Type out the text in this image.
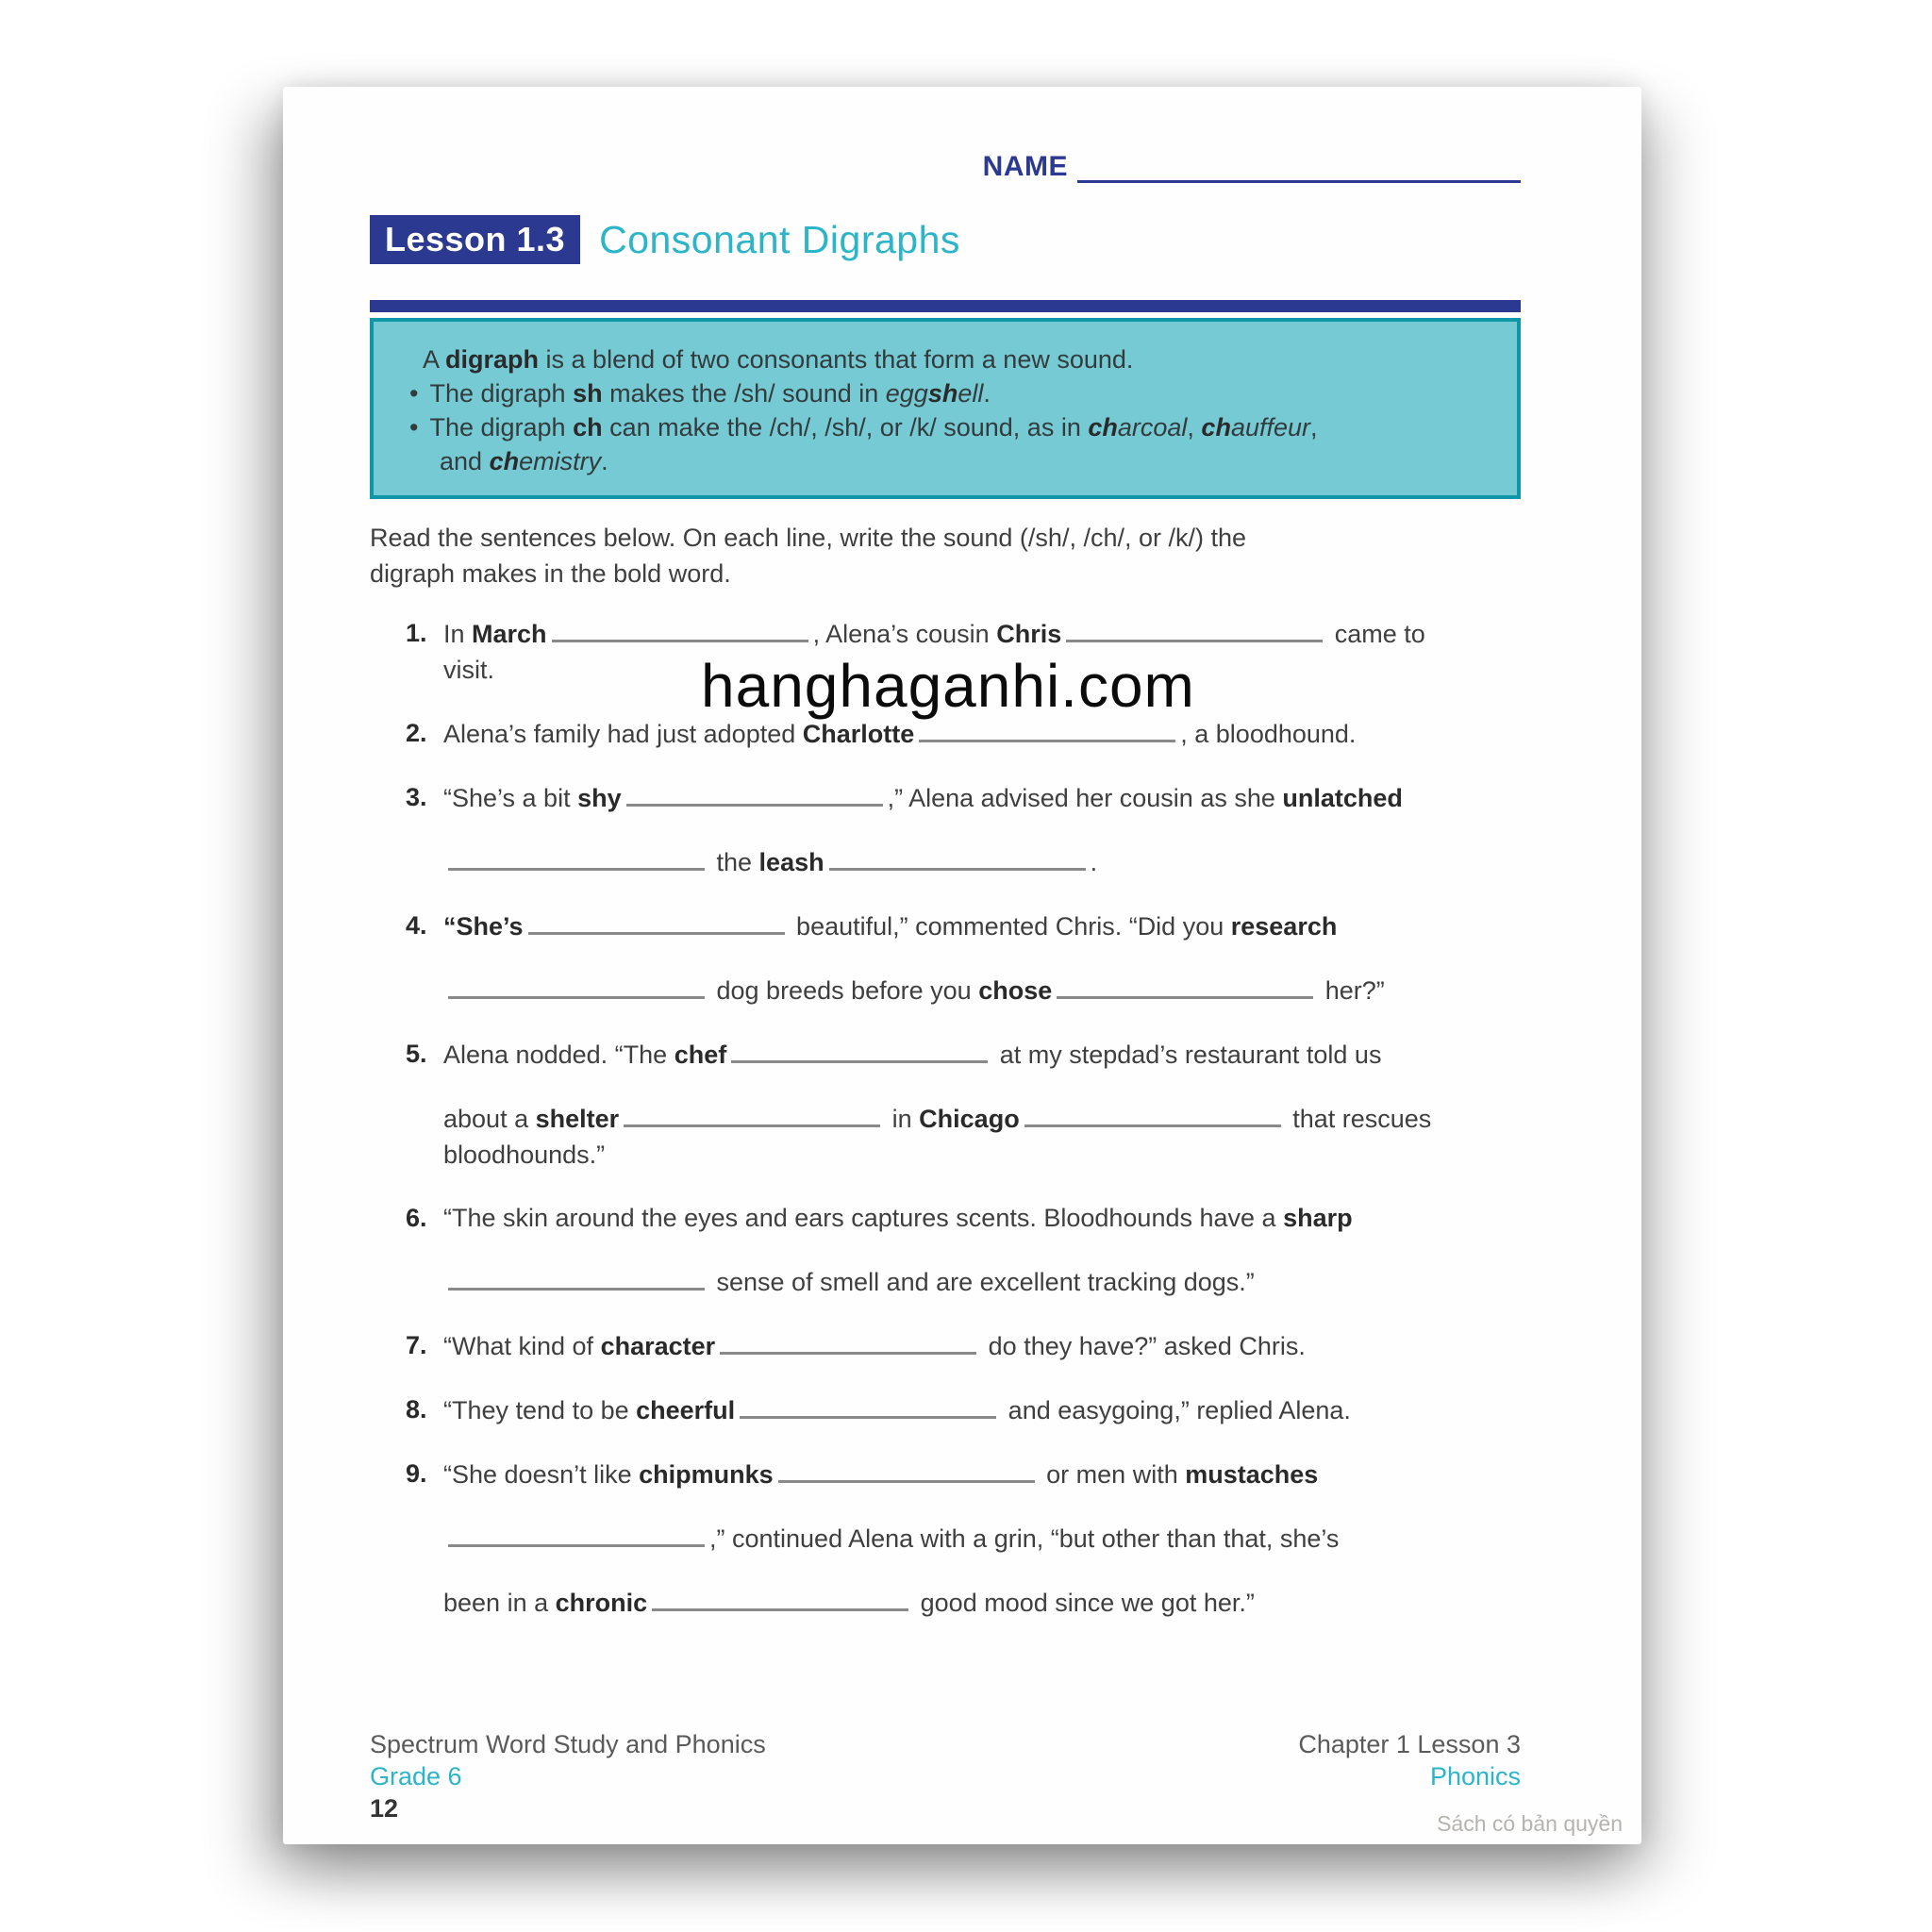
NAME
Lesson 1.3 Consonant Digraphs
A digraph is a blend of two consonants that form a new sound.
• The digraph sh makes the /sh/ sound in eggshell.
• The digraph ch can make the /ch/, /sh/, or /k/ sound, as in charcoal, chauffeur,
and chemistry.
Read the sentences below. On each line, write the sound (/sh/, /ch/, or /k/) the
digraph makes in the bold word.
1. In March	, Alena’s cousin Chris	came to
visit.
2. Alena’s family had just adopted Charlotte	, a bloodhound.
3. “She’s a bit shy	,” Alena advised her cousin as she unlatched
the leash	.
4. “She’s	beautiful,” commented Chris. “Did you research
dog breeds before you chose	her?”
5. Alena nodded. “The chef	at my stepdad’s restaurant told us
about a shelter	in Chicago	that rescues
bloodhounds.”
6. “The skin around the eyes and ears captures scents. Bloodhounds have a sharp
sense of smell and are excellent tracking dogs.”
7. “What kind of character	do they have?” asked Chris.
8. “They tend to be cheerful	and easygoing,” replied Alena.
9. “She doesn’t like chipmunks	or men with mustaches
,” continued Alena with a grin, “but other than that, she’s
been in a chronic	good mood since we got her.”
Spectrum Word Study and Phonics
Grade 6
12
Chapter 1 Lesson 3
Phonics
Sách có bản quyền
hanghaganhi.com
